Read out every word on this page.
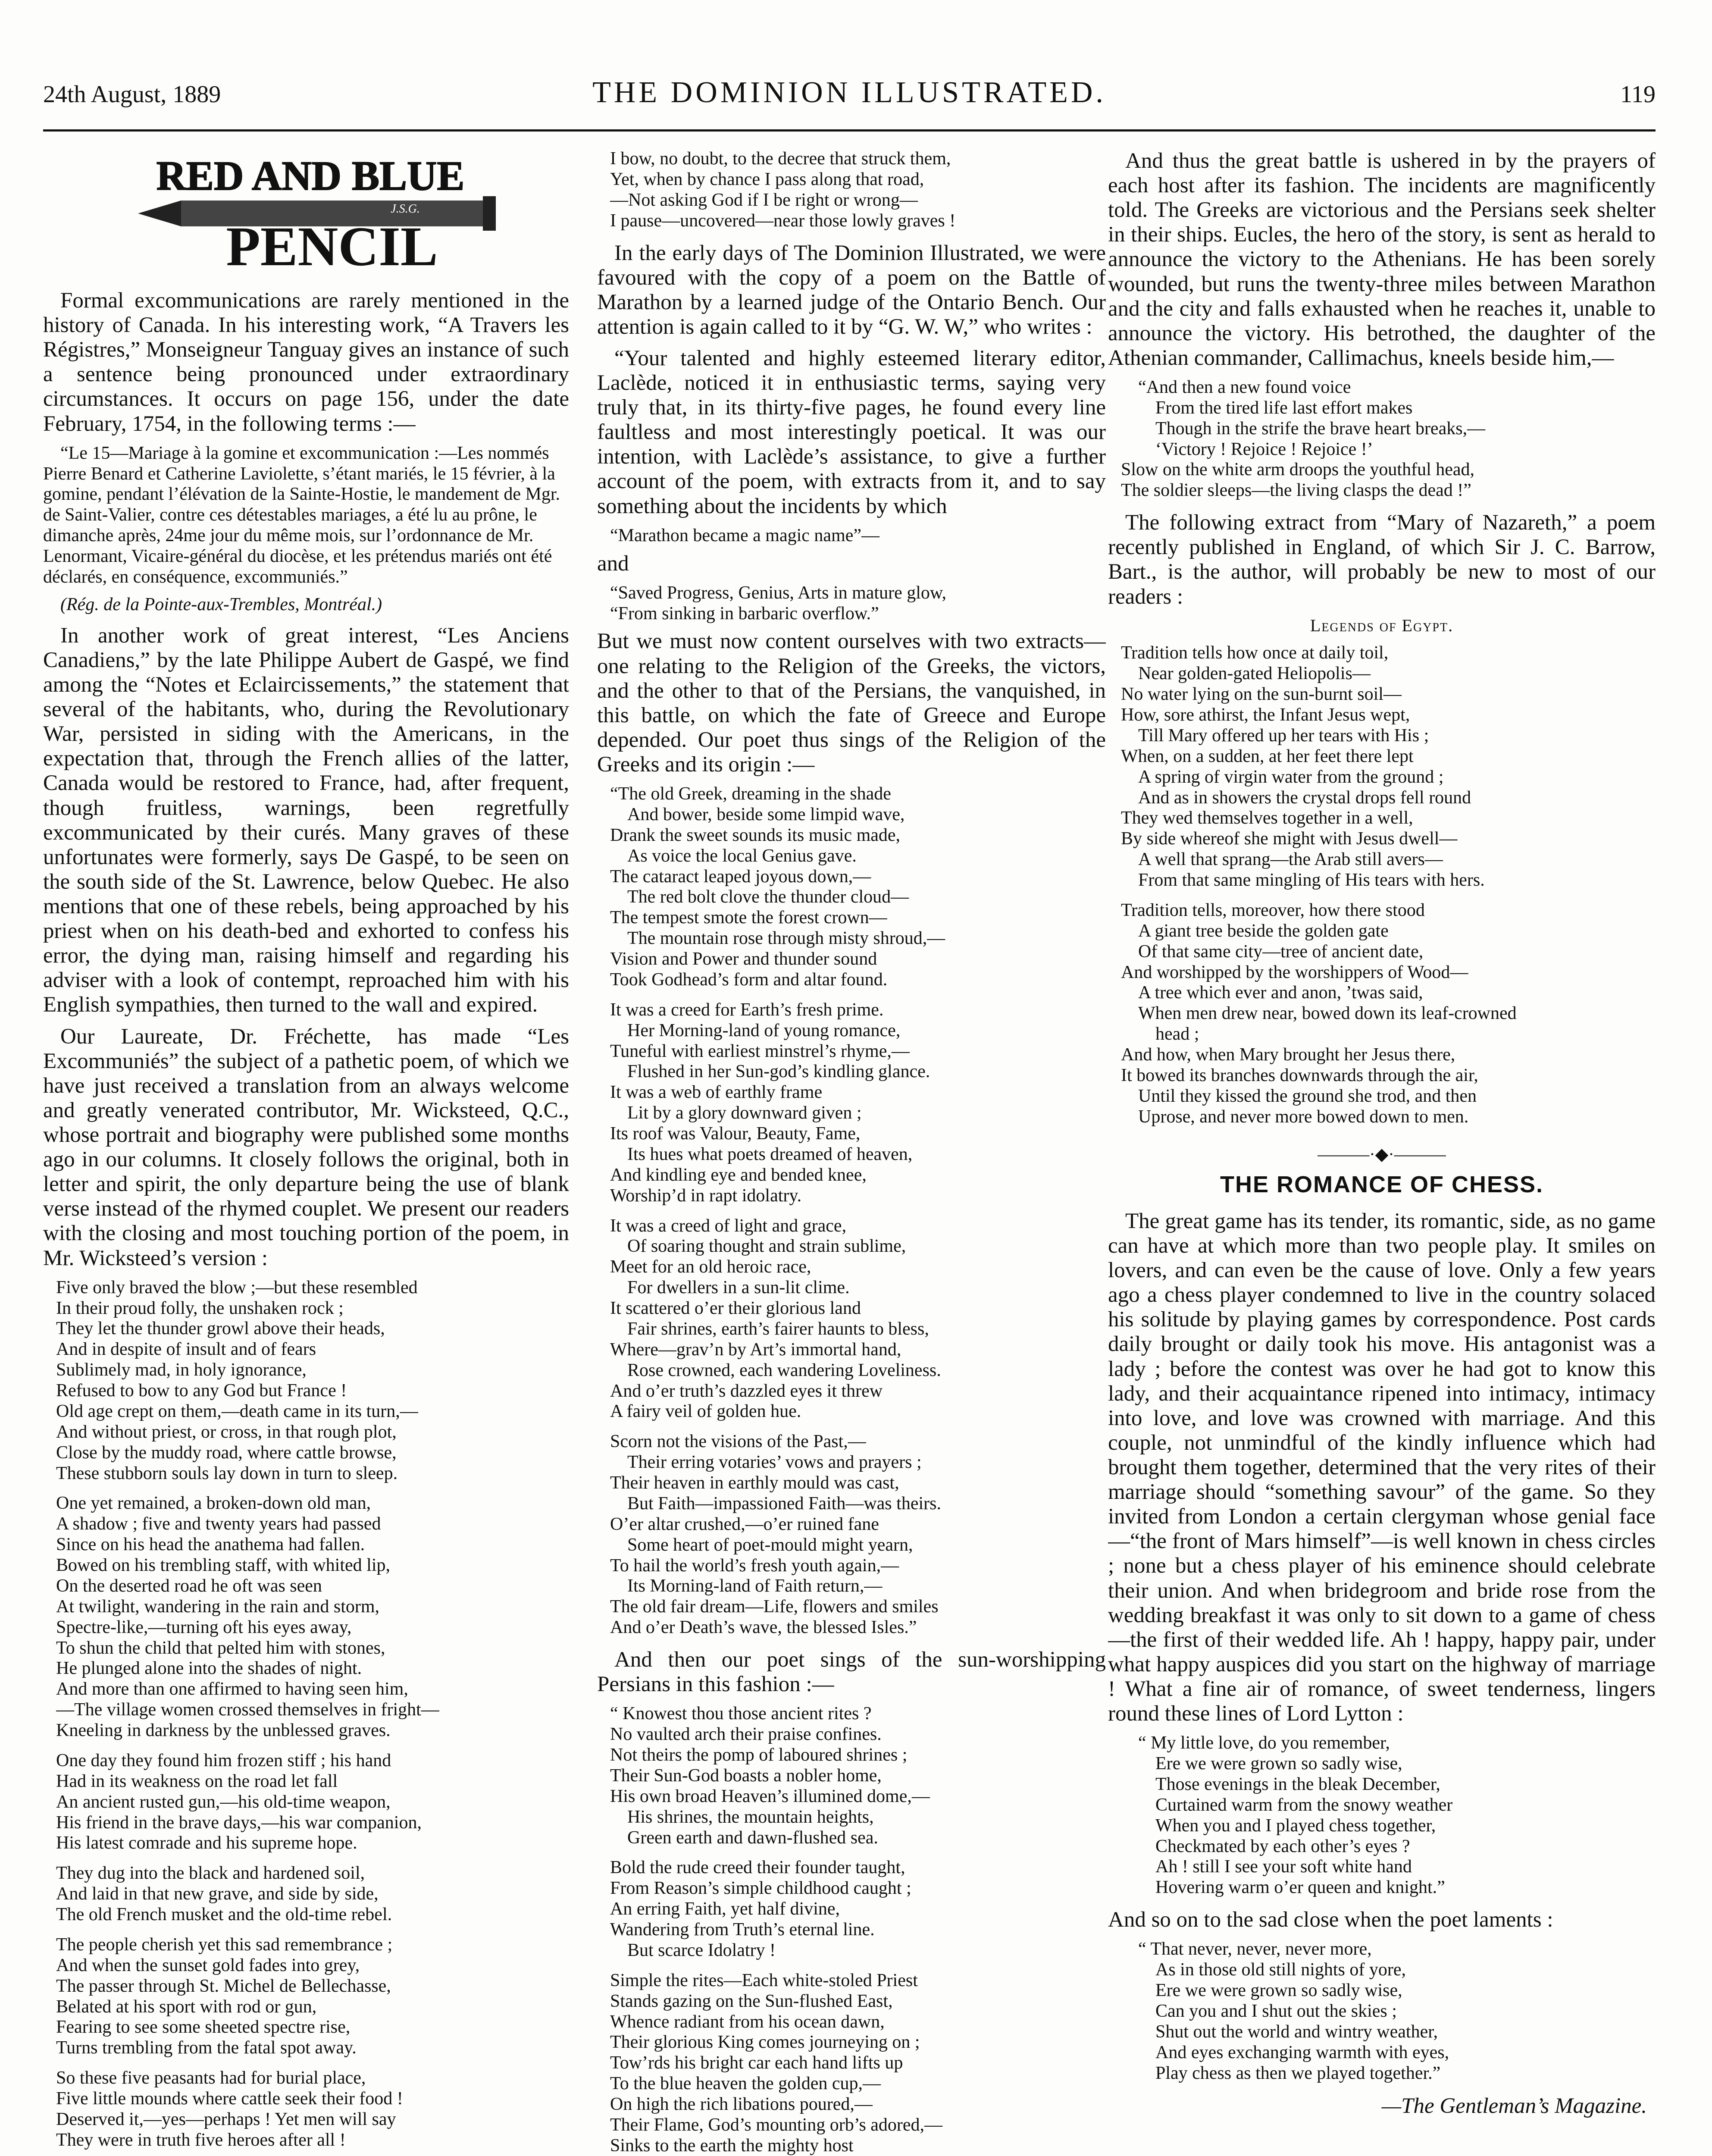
24th August, 1889	THE DOMINION ILLUSTRATED.	119
RED AND BLUE
PENCIL
J.S.G.

Formal excommunications are rarely mentioned in the history of Canada. In his interesting work, “A Travers les Régistres,” Monseigneur Tanguay gives an instance of such a sentence being pronounced under extraordinary circumstances. It occurs on page 156, under the date February, 1754, in the following terms :—

“Le 15—Mariage à la gomine et excommunication :—Les nommés Pierre Benard et Catherine Laviolette, s’étant mariés, le 15 février, à la gomine, pendant l’élévation de la Sainte-Hostie, le mandement de Mgr. de Saint-Valier, contre ces détestables mariages, a été lu au prône, le dimanche après, 24me jour du même mois, sur l’ordonnance de Mr. Lenormant, Vicaire-général du diocèse, et les prétendus mariés ont été déclarés, en conséquence, excommuniés.”

(Rég. de la Pointe-aux-Trembles, Montréal.)

In another work of great interest, “Les Anciens Canadiens,” by the late Philippe Aubert de Gaspé, we find among the “Notes et Eclaircissements,” the statement that several of the habitants, who, during the Revolutionary War, persisted in siding with the Americans, in the expectation that, through the French allies of the latter, Canada would be restored to France, had, after frequent, though fruitless, warnings, been regretfully excommunicated by their curés. Many graves of these unfortunates were formerly, says De Gaspé, to be seen on the south side of the St. Lawrence, below Quebec. He also mentions that one of these rebels, being approached by his priest when on his death-bed and exhorted to confess his error, the dying man, raising himself and regarding his adviser with a look of contempt, reproached him with his English sympathies, then turned to the wall and expired.

Our Laureate, Dr. Fréchette, has made “Les Excommuniés” the subject of a pathetic poem, of which we have just received a translation from an always welcome and greatly venerated contributor, Mr. Wicksteed, Q.C., whose portrait and biography were published some months ago in our columns. It closely follows the original, both in letter and spirit, the only departure being the use of blank verse instead of the rhymed couplet. We present our readers with the closing and most touching portion of the poem, in Mr. Wicksteed’s version :

Five only braved the blow ;—but these resembled
In their proud folly, the unshaken rock ;
They let the thunder growl above their heads,
And in despite of insult and of fears
Sublimely mad, in holy ignorance,
Refused to bow to any God but France !
Old age crept on them,—death came in its turn,—
And without priest, or cross, in that rough plot,
Close by the muddy road, where cattle browse,
These stubborn souls lay down in turn to sleep.
One yet remained, a broken-down old man,
A shadow ; five and twenty years had passed
Since on his head the anathema had fallen.
Bowed on his trembling staff, with whited lip,
On the deserted road he oft was seen
At twilight, wandering in the rain and storm,
Spectre-like,—turning oft his eyes away,
To shun the child that pelted him with stones,
He plunged alone into the shades of night.
And more than one affirmed to having seen him,
—The village women crossed themselves in fright—
Kneeling in darkness by the unblessed graves.
One day they found him frozen stiff ; his hand
Had in its weakness on the road let fall
An ancient rusted gun,—his old-time weapon,
His friend in the brave days,—his war companion,
His latest comrade and his supreme hope.
They dug into the black and hardened soil,
And laid in that new grave, and side by side,
The old French musket and the old-time rebel.
The people cherish yet this sad remembrance ;
And when the sunset gold fades into grey,
The passer through St. Michel de Bellechasse,
Belated at his sport with rod or gun,
Fearing to see some sheeted spectre rise,
Turns trembling from the fatal spot away.
So these five peasants had for burial place,
Five little mounds where cattle seek their food !
Deserved it,—yes—perhaps ! Yet men will say
They were in truth five heroes after all !
I bow, no doubt, to the decree that struck them,
Yet, when by chance I pass along that road,
—Not asking God if I be right or wrong—
I pause—uncovered—near those lowly graves !

In the early days of The Dominion Illustrated, we were favoured with the copy of a poem on the Battle of Marathon by a learned judge of the Ontario Bench. Our attention is again called to it by “G. W. W,” who writes :

“Your talented and highly esteemed literary editor, Laclède, noticed it in enthusiastic terms, saying very truly that, in its thirty-five pages, he found every line faultless and most interestingly poetical. It was our intention, with Laclède’s assistance, to give a further account of the poem, with extracts from it, and to say something about the incidents by which

“Marathon became a magic name”—

and

“Saved Progress, Genius, Arts in mature glow,
“From sinking in barbaric overflow.”

But we must now content ourselves with two extracts—one relating to the Religion of the Greeks, the victors, and the other to that of the Persians, the vanquished, in this battle, on which the fate of Greece and Europe depended. Our poet thus sings of the Religion of the Greeks and its origin :—

“The old Greek, dreaming in the shade
And bower, beside some limpid wave,
Drank the sweet sounds its music made,
As voice the local Genius gave.
The cataract leaped joyous down,—
The red bolt clove the thunder cloud—
The tempest smote the forest crown—
The mountain rose through misty shroud,—
Vision and Power and thunder sound
Took Godhead’s form and altar found.
It was a creed for Earth’s fresh prime.
Her Morning-land of young romance,
Tuneful with earliest minstrel’s rhyme,—
Flushed in her Sun-god’s kindling glance.
It was a web of earthly frame
Lit by a glory downward given ;
Its roof was Valour, Beauty, Fame,
Its hues what poets dreamed of heaven,
And kindling eye and bended knee,
Worship’d in rapt idolatry.
It was a creed of light and grace,
Of soaring thought and strain sublime,
Meet for an old heroic race,
For dwellers in a sun-lit clime.
It scattered o’er their glorious land
Fair shrines, earth’s fairer haunts to bless,
Where—grav’n by Art’s immortal hand,
Rose crowned, each wandering Loveliness.
And o’er truth’s dazzled eyes it threw
A fairy veil of golden hue.
Scorn not the visions of the Past,—
Their erring votaries’ vows and prayers ;
Their heaven in earthly mould was cast,
But Faith—impassioned Faith—was theirs.
O’er altar crushed,—o’er ruined fane
Some heart of poet-mould might yearn,
To hail the world’s fresh youth again,—
Its Morning-land of Faith return,—
The old fair dream—Life, flowers and smiles
And o’er Death’s wave, the blessed Isles.”

And then our poet sings of the sun-worshipping Persians in this fashion :—

“ Knowest thou those ancient rites ?
No vaulted arch their praise confines.
Not theirs the pomp of laboured shrines ;
Their Sun-God boasts a nobler home,
His own broad Heaven’s illumined dome,—
His shrines, the mountain heights,
Green earth and dawn-flushed sea.
Bold the rude creed their founder taught,
From Reason’s simple childhood caught ;
An erring Faith, yet half divine,
Wandering from Truth’s eternal line.
But scarce Idolatry !
Simple the rites—Each white-stoled Priest
Stands gazing on the Sun-flushed East,
Whence radiant from his ocean dawn,
Their glorious King comes journeying on ;
Tow’rds his bright car each hand lifts up
To the blue heaven the golden cup,—
On high the rich libations poured,—
Their Flame, God’s mounting orb’s adored,—
Sinks to the earth the mighty host

And thus the great battle is ushered in by the prayers of each host after its fashion. The incidents are magnificently told. The Greeks are victorious and the Persians seek shelter in their ships. Eucles, the hero of the story, is sent as herald to announce the victory to the Athenians. He has been sorely wounded, but runs the twenty-three miles between Marathon and the city and falls exhausted when he reaches it, unable to announce the victory. His betrothed, the daughter of the Athenian commander, Callimachus, kneels beside him,—

“And then a new found voice
From the tired life last effort makes
Though in the strife the brave heart breaks,—
‘Victory ! Rejoice ! Rejoice !’
Slow on the white arm droops the youthful head,
The soldier sleeps—the living clasps the dead !”

The following extract from “Mary of Nazareth,” a poem recently published in England, of which Sir J. C. Barrow, Bart., is the author, will probably be new to most of our readers :

Legends of Egypt.
Tradition tells how once at daily toil,
Near golden-gated Heliopolis—
No water lying on the sun-burnt soil—
How, sore athirst, the Infant Jesus wept,
Till Mary offered up her tears with His ;
When, on a sudden, at her feet there lept
A spring of virgin water from the ground ;
And as in showers the crystal drops fell round
They wed themselves together in a well,
By side whereof she might with Jesus dwell—
A well that sprang—the Arab still avers—
From that same mingling of His tears with hers.
Tradition tells, moreover, how there stood
A giant tree beside the golden gate
Of that same city—tree of ancient date,
And worshipped by the worshippers of Wood—
A tree which ever and anon, ’twas said,
When men drew near, bowed down its leaf-crowned
head ;
And how, when Mary brought her Jesus there,
It bowed its branches downwards through the air,
Until they kissed the ground she trod, and then
Uprose, and never more bowed down to men.
———·◆·———
THE ROMANCE OF CHESS.

The great game has its tender, its romantic, side, as no game can have at which more than two people play. It smiles on lovers, and can even be the cause of love. Only a few years ago a chess player condemned to live in the country solaced his solitude by playing games by correspondence. Post cards daily brought or daily took his move. His antagonist was a lady ; before the contest was over he had got to know this lady, and their acquaintance ripened into intimacy, intimacy into love, and love was crowned with marriage. And this couple, not unmindful of the kindly influence which had brought them together, determined that the very rites of their marriage should “something savour” of the game. So they invited from London a certain clergyman whose genial face—“the front of Mars himself”—is well known in chess circles ; none but a chess player of his eminence should celebrate their union. And when bridegroom and bride rose from the wedding breakfast it was only to sit down to a game of chess—the first of their wedded life. Ah ! happy, happy pair, under what happy auspices did you start on the highway of marriage ! What a fine air of romance, of sweet tenderness, lingers round these lines of Lord Lytton :

“ My little love, do you remember,
Ere we were grown so sadly wise,
Those evenings in the bleak December,
Curtained warm from the snowy weather
When you and I played chess together,
Checkmated by each other’s eyes ?
Ah ! still I see your soft white hand
Hovering warm o’er queen and knight.”

And so on to the sad close when the poet laments :

“ That never, never, never more,
As in those old still nights of yore,
Ere we were grown so sadly wise,
Can you and I shut out the skies ;
Shut out the world and wintry weather,
And eyes exchanging warmth with eyes,
Play chess as then we played together.”
—The Gentleman’s Magazine.
